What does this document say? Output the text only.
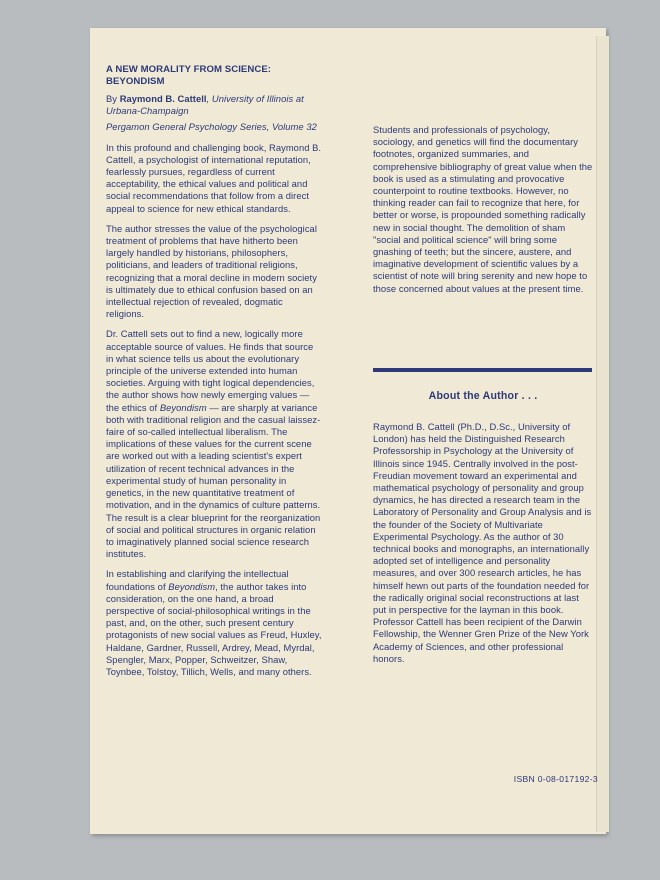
A NEW MORALITY FROM SCIENCE: BEYONDISM
By Raymond B. Cattell, University of Illinois at Urbana-Champaign
Pergamon General Psychology Series, Volume 32

In this profound and challenging book, Raymond B. Cattell, a psychologist of international reputation, fearlessly pursues, regardless of current acceptability, the ethical values and political and social recommendations that follow from a direct appeal to science for new ethical standards.

The author stresses the value of the psychological treatment of problems that have hitherto been largely handled by historians, philosophers, politicians, and leaders of traditional religions, recognizing that a moral decline in modern society is ultimately due to ethical confusion based on an intellectual rejection of revealed, dogmatic religions.

Dr. Cattell sets out to find a new, logically more acceptable source of values. He finds that source in what science tells us about the evolutionary principle of the universe extended into human societies. Arguing with tight logical dependencies, the author shows how newly emerging values — the ethics of Beyondism — are sharply at variance both with traditional religion and the casual laissez-faire of so-called intellectual liberalism. The implications of these values for the current scene are worked out with a leading scientist's expert utilization of recent technical advances in the experimental study of human personality in genetics, in the new quantitative treatment of motivation, and in the dynamics of culture patterns. The result is a clear blueprint for the reorganization of social and political structures in organic relation to imaginatively planned social science research institutes.

In establishing and clarifying the intellectual foundations of Beyondism, the author takes into consideration, on the one hand, a broad perspective of social-philosophical writings in the past, and, on the other, such present century protagonists of new social values as Freud, Huxley, Haldane, Gardner, Russell, Ardrey, Mead, Myrdal, Spengler, Marx, Popper, Schweitzer, Shaw, Toynbee, Tolstoy, Tillich, Wells, and many others.

Students and professionals of psychology, sociology, and genetics will find the documentary footnotes, organized summaries, and comprehensive bibliography of great value when the book is used as a stimulating and provocative counterpoint to routine textbooks. However, no thinking reader can fail to recognize that here, for better or worse, is propounded something radically new in social thought. The demolition of sham "social and political science" will bring some gnashing of teeth; but the sincere, austere, and imaginative development of scientific values by a scientist of note will bring serenity and new hope to those concerned about values at the present time.

About the Author . . .

Raymond B. Cattell (Ph.D., D.Sc., University of London) has held the Distinguished Research Professorship in Psychology at the University of Illinois since 1945. Centrally involved in the post-Freudian movement toward an experimental and mathematical psychology of personality and group dynamics, he has directed a research team in the Laboratory of Personality and Group Analysis and is the founder of the Society of Multivariate Experimental Psychology. As the author of 30 technical books and monographs, an internationally adopted set of intelligence and personality measures, and over 300 research articles, he has himself hewn out parts of the foundation needed for the radically original social reconstructions at last put in perspective for the layman in this book. Professor Cattell has been recipient of the Darwin Fellowship, the Wenner Gren Prize of the New York Academy of Sciences, and other professional honors.

ISBN 0-08-017192-3
